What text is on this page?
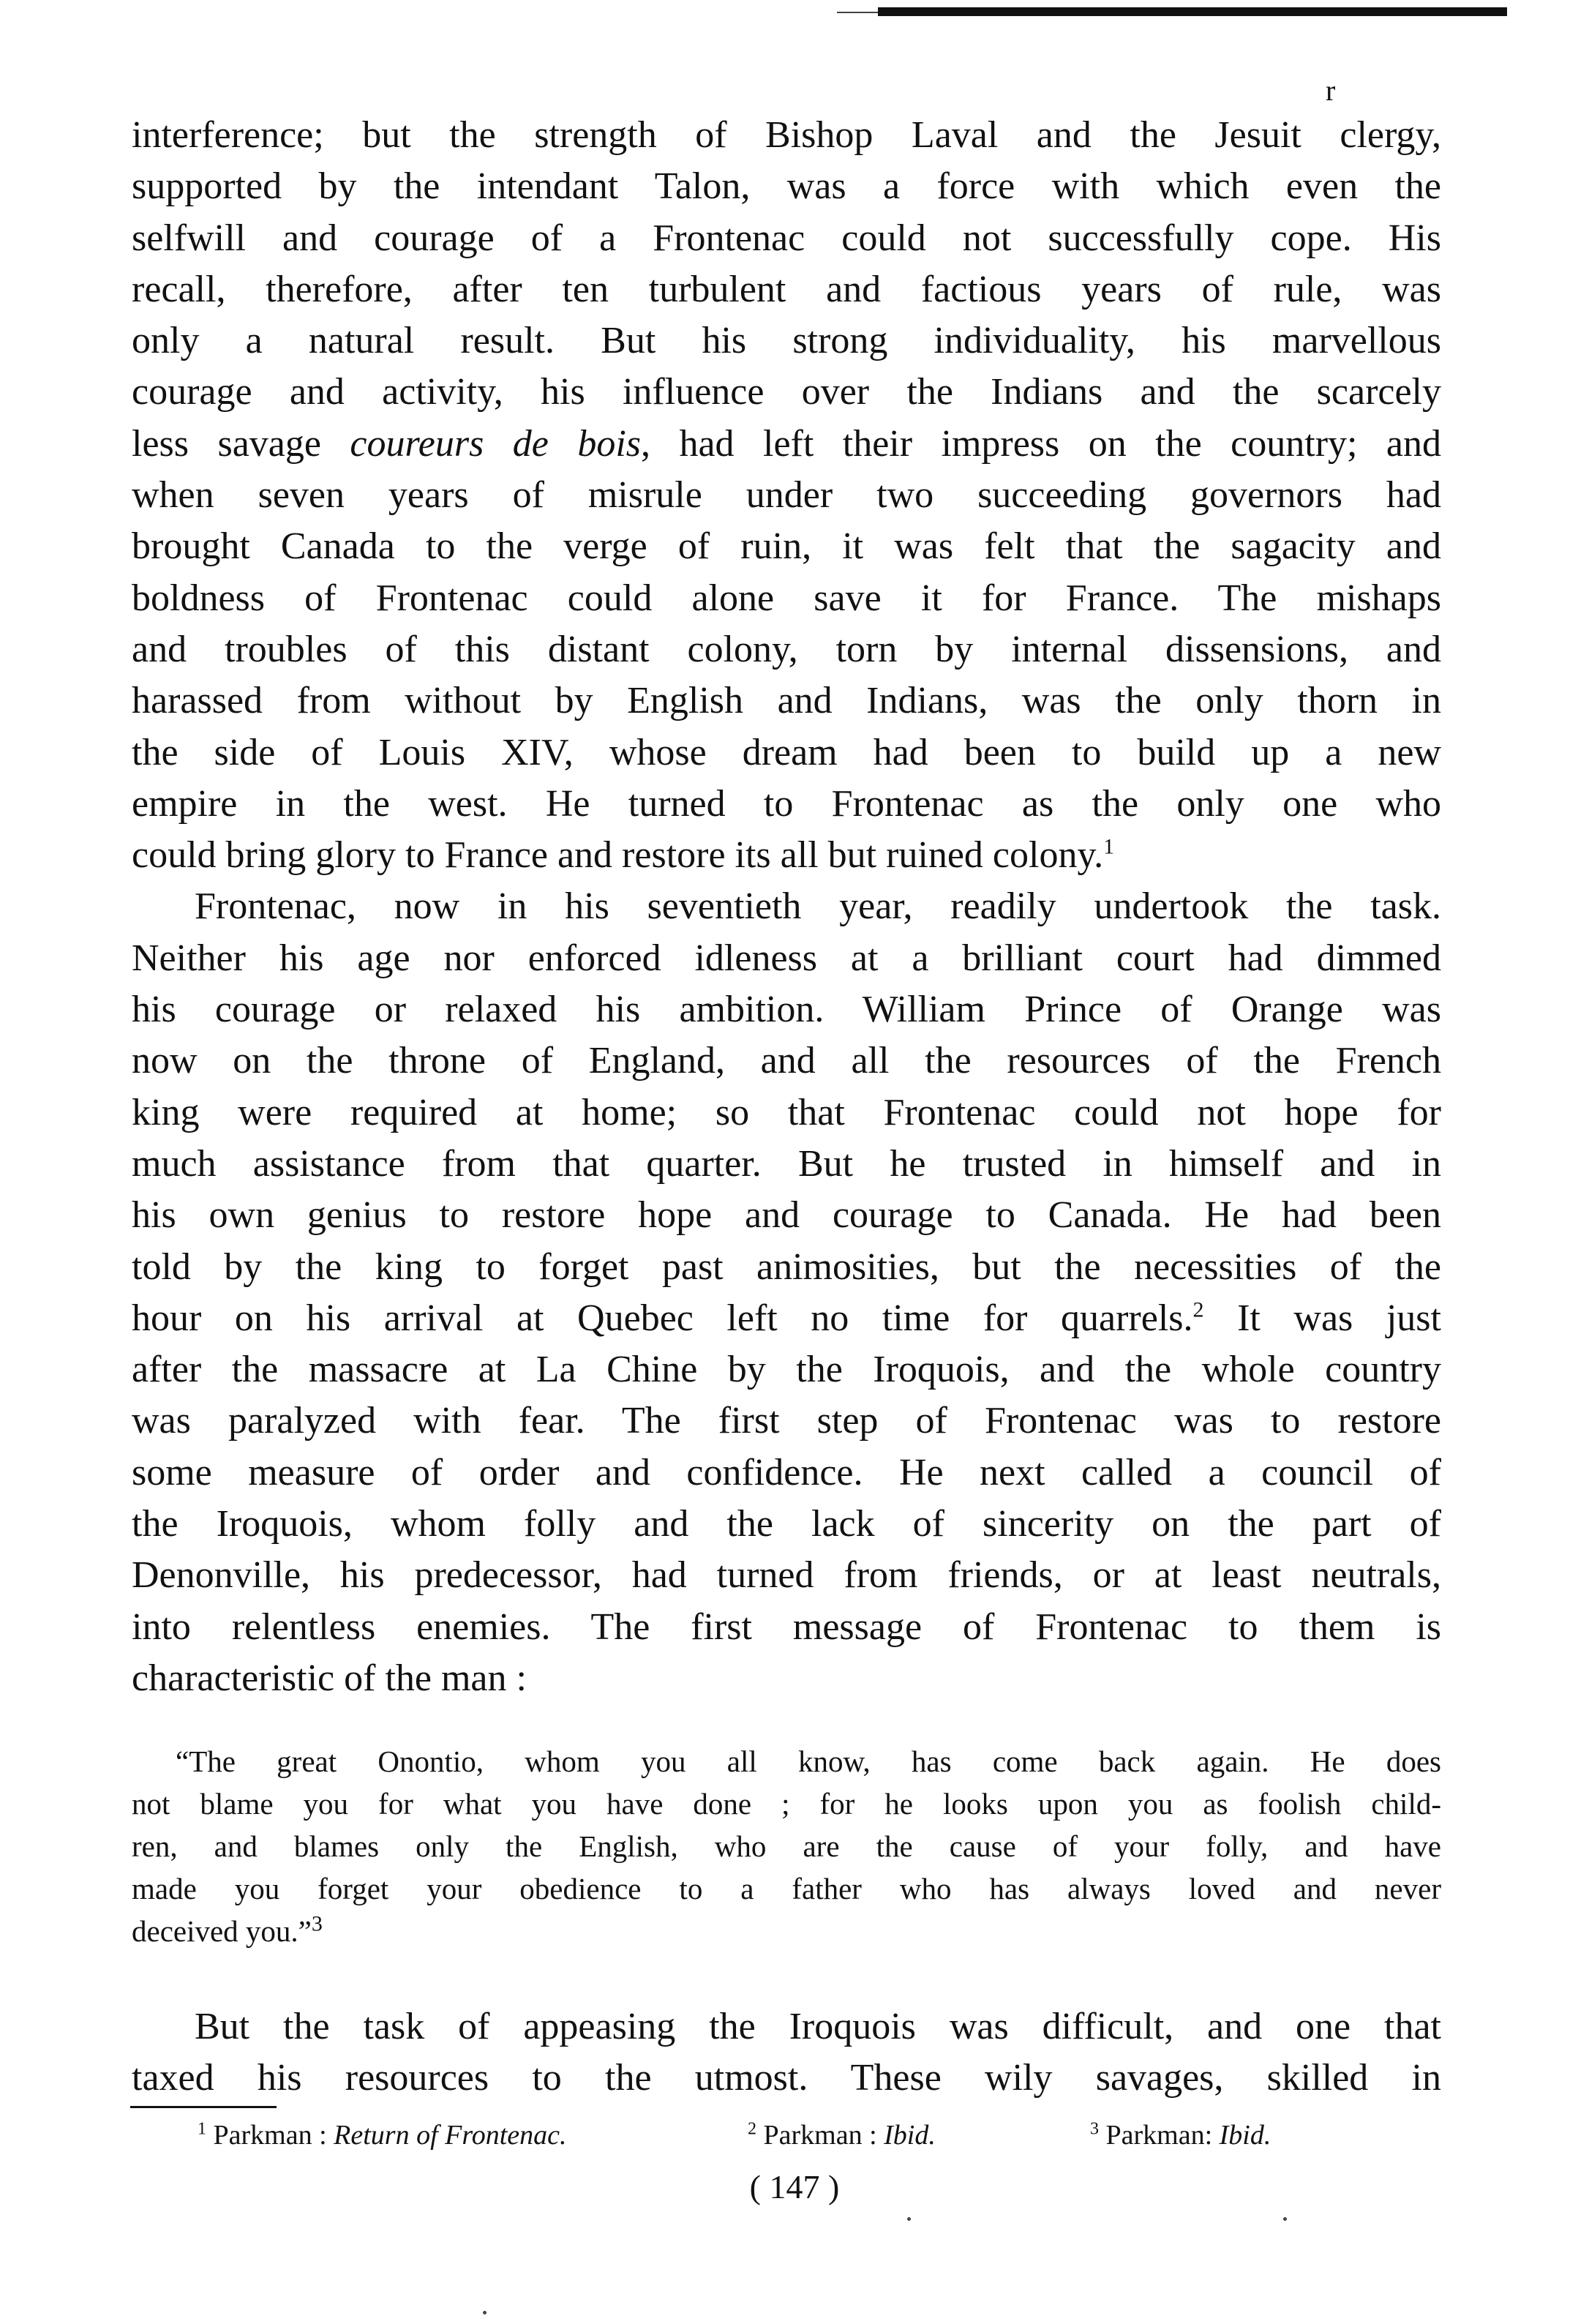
r

interference; but the strength of Bishop Laval and the Jesuit clergy,

supported by the intendant Talon, was a force with which even the

selfwill and courage of a Frontenac could not successfully cope. His

recall, therefore, after ten turbulent and factious years of rule, was

only a natural result. But his strong individuality, his marvellous

courage and activity, his influence over the Indians and the scarcely

less savage coureurs de bois, had left their impress on the country; and

when seven years of misrule under two succeeding governors had

brought Canada to the verge of ruin, it was felt that the sagacity and

boldness of Frontenac could alone save it for France. The mishaps

and troubles of this distant colony, torn by internal dissensions, and

harassed from without by English and Indians, was the only thorn in

the side of Louis XIV, whose dream had been to build up a new

empire in the west. He turned to Frontenac as the only one who

could bring glory to France and restore its all but ruined colony.$^1$

Frontenac, now in his seventieth year, readily undertook the task.

Neither his age nor enforced idleness at a brilliant court had dimmed

his courage or relaxed his ambition. William Prince of Orange was

now on the throne of England, and all the resources of the French

king were required at home; so that Frontenac could not hope for

much assistance from that quarter. But he trusted in himself and in

his own genius to restore hope and courage to Canada. He had been

told by the king to forget past animosities, but the necessities of the

hour on his arrival at Quebec left no time for quarrels.$^2$ It was just

after the massacre at La Chine by the Iroquois, and the whole country

was paralyzed with fear. The first step of Frontenac was to restore

some measure of order and confidence. He next called a council of

the Iroquois, whom folly and the lack of sincerity on the part of

Denonville, his predecessor, had turned from friends, or at least neutrals,

into relentless enemies. The first message of Frontenac to them is

characteristic of the man :

“The great Onontio, whom you all know, has come back again. He does

not blame you for what you have done ; for he looks upon you as foolish child-

ren, and blames only the English, who are the cause of your folly, and have

made you forget your obedience to a father who has always loved and never

deceived you.”$^3$

But the task of appeasing the Iroquois was difficult, and one that

taxed his resources to the utmost. These wily savages, skilled in

$^1$ Parkman : Return of Frontenac.	$^2$ Parkman : Ibid.	$^3$ Parkman: Ibid.
( 147 )
